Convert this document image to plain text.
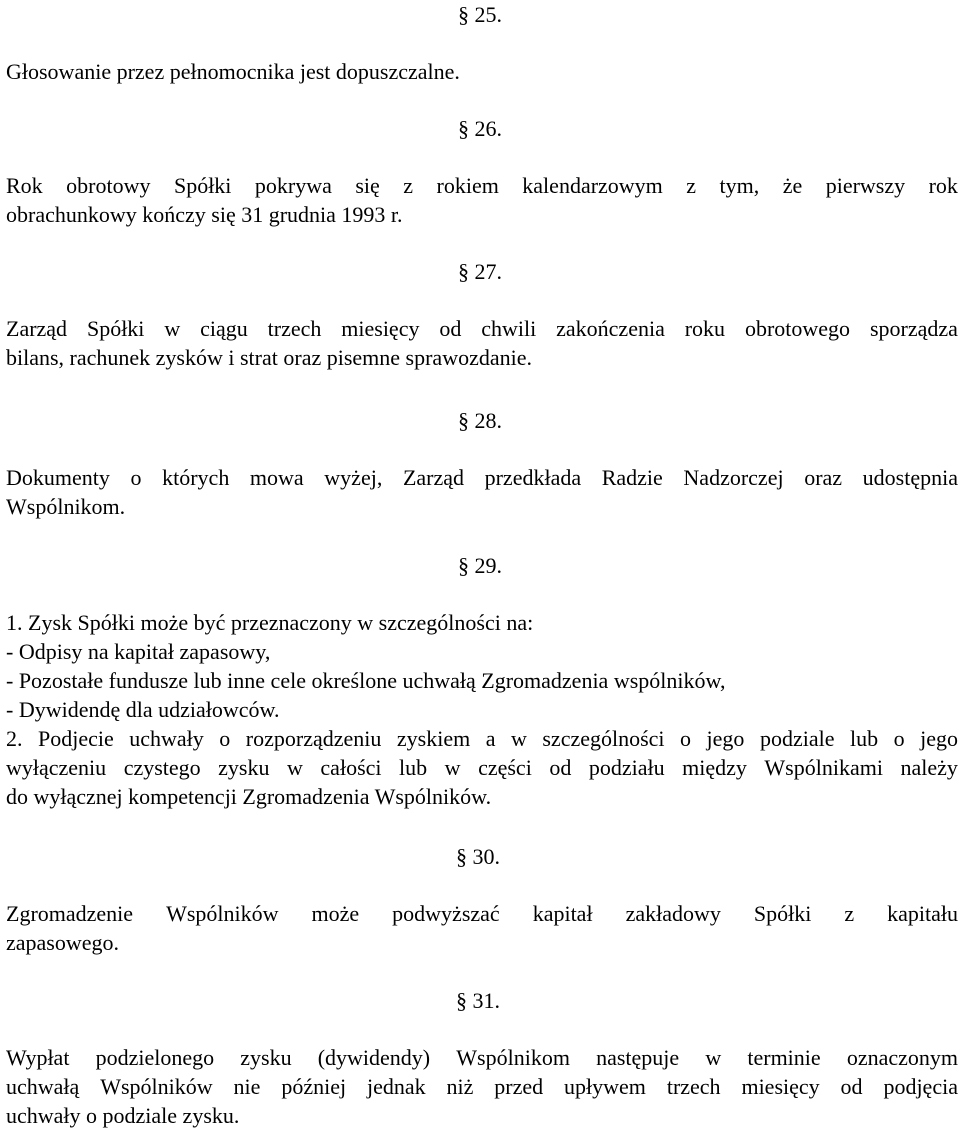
§ 25.
Głosowanie przez pełnomocnika jest dopuszczalne.
§ 26.
Rok obrotowy Spółki pokrywa się z rokiem kalendarzowym z tym, że pierwszy rok
obrachunkowy kończy się 31 grudnia 1993 r.
§ 27.
Zarząd Spółki w ciągu trzech miesięcy od chwili zakończenia roku obrotowego sporządza
bilans, rachunek zysków i strat oraz pisemne sprawozdanie.
§ 28.
Dokumenty o których mowa wyżej, Zarząd przedkłada Radzie Nadzorczej oraz udostępnia
Wspólnikom.
§ 29.
1. Zysk Spółki może być przeznaczony w szczególności na:
- Odpisy na kapitał zapasowy,
- Pozostałe fundusze lub inne cele określone uchwałą Zgromadzenia wspólników,
- Dywidendę dla udziałowców.
2. Podjecie uchwały o rozporządzeniu zyskiem a w szczególności o jego podziale lub o jego
wyłączeniu czystego zysku w całości lub w części od podziału między Wspólnikami należy
do wyłącznej kompetencji Zgromadzenia Wspólników.
§ 30.
Zgromadzenie Wspólników może podwyższać kapitał zakładowy Spółki z kapitału
zapasowego.
§ 31.
Wypłat podzielonego zysku (dywidendy) Wspólnikom następuje w terminie oznaczonym
uchwałą Wspólników nie później jednak niż przed upływem trzech miesięcy od podjęcia
uchwały o podziale zysku.
